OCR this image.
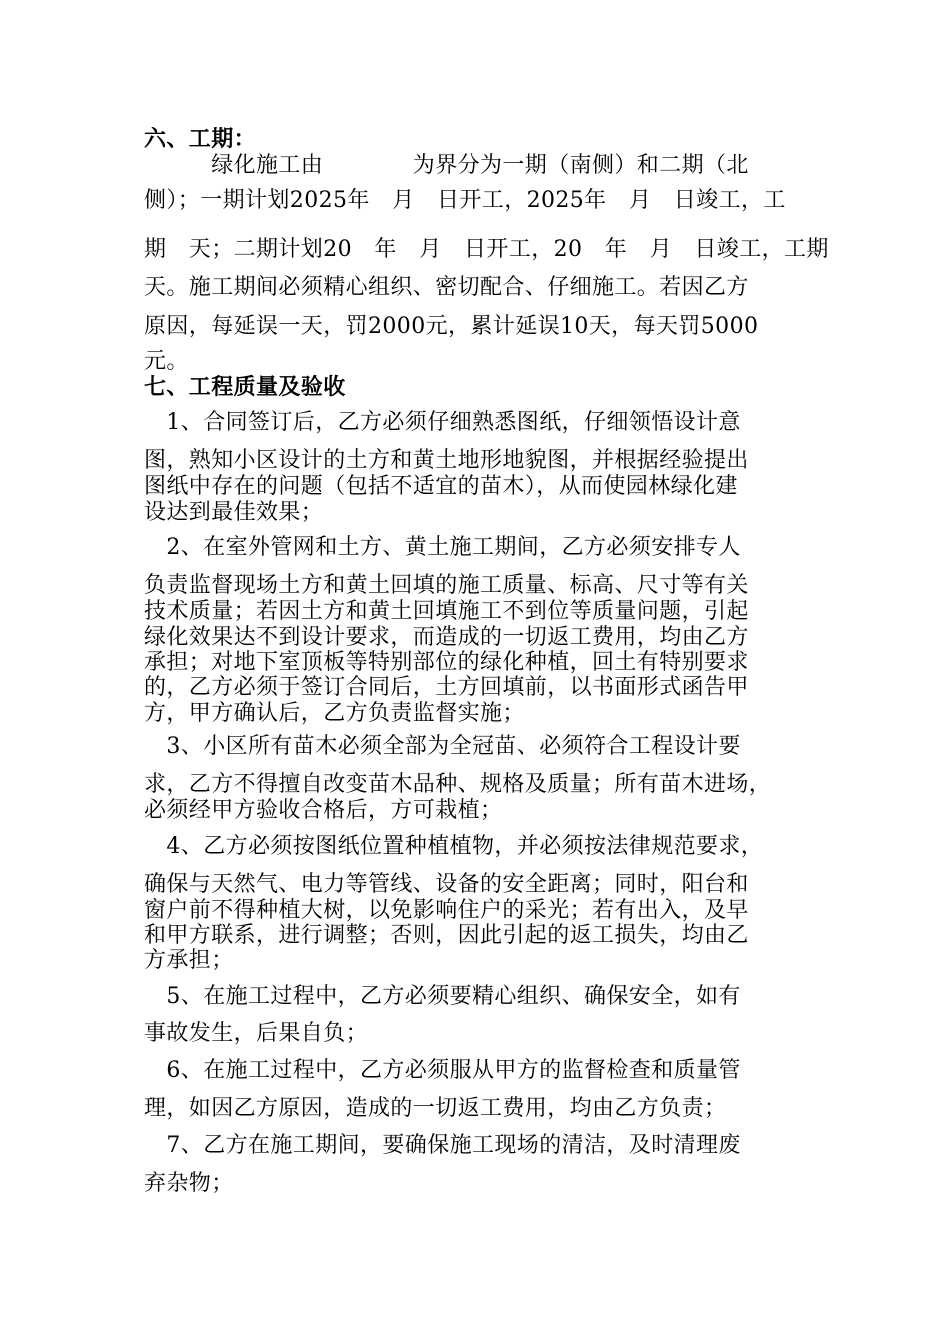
六、工期：
　　　绿化施工由　　　　为界分为一期（南侧）和二期（北
侧）；一期计划2025年　月　日开工，2025年　月　日竣工，工
期　天；二期计划20　年　月　日开工，20　年　月　日竣工，工期
天。施工期间必须精心组织、密切配合、仔细施工。若因乙方
原因，每延误一天，罚2000元，累计延误10天，每天罚5000
元。
七、工程质量及验收
　1、合同签订后，乙方必须仔细熟悉图纸，仔细领悟设计意
图，熟知小区设计的土方和黄土地形地貌图，并根据经验提出
图纸中存在的问题（包括不适宜的苗木），从而使园林绿化建
设达到最佳效果；
　2、在室外管网和土方、黄土施工期间，乙方必须安排专人
负责监督现场土方和黄土回填的施工质量、标高、尺寸等有关
技术质量；若因土方和黄土回填施工不到位等质量问题，引起
绿化效果达不到设计要求，而造成的一切返工费用，均由乙方
承担；对地下室顶板等特别部位的绿化种植，回土有特别要求
的，乙方必须于签订合同后，土方回填前，以书面形式函告甲
方，甲方确认后，乙方负责监督实施；
　3、小区所有苗木必须全部为全冠苗、必须符合工程设计要
求，乙方不得擅自改变苗木品种、规格及质量；所有苗木进场，
必须经甲方验收合格后，方可栽植；
　4、乙方必须按图纸位置种植植物，并必须按法律规范要求，
确保与天然气、电力等管线、设备的安全距离；同时，阳台和
窗户前不得种植大树，以免影响住户的采光；若有出入，及早
和甲方联系，进行调整；否则，因此引起的返工损失，均由乙
方承担；
　5、在施工过程中，乙方必须要精心组织、确保安全，如有
事故发生，后果自负；
　6、在施工过程中，乙方必须服从甲方的监督检查和质量管
理，如因乙方原因，造成的一切返工费用，均由乙方负责；
　7、乙方在施工期间，要确保施工现场的清洁，及时清理废
弃杂物；
